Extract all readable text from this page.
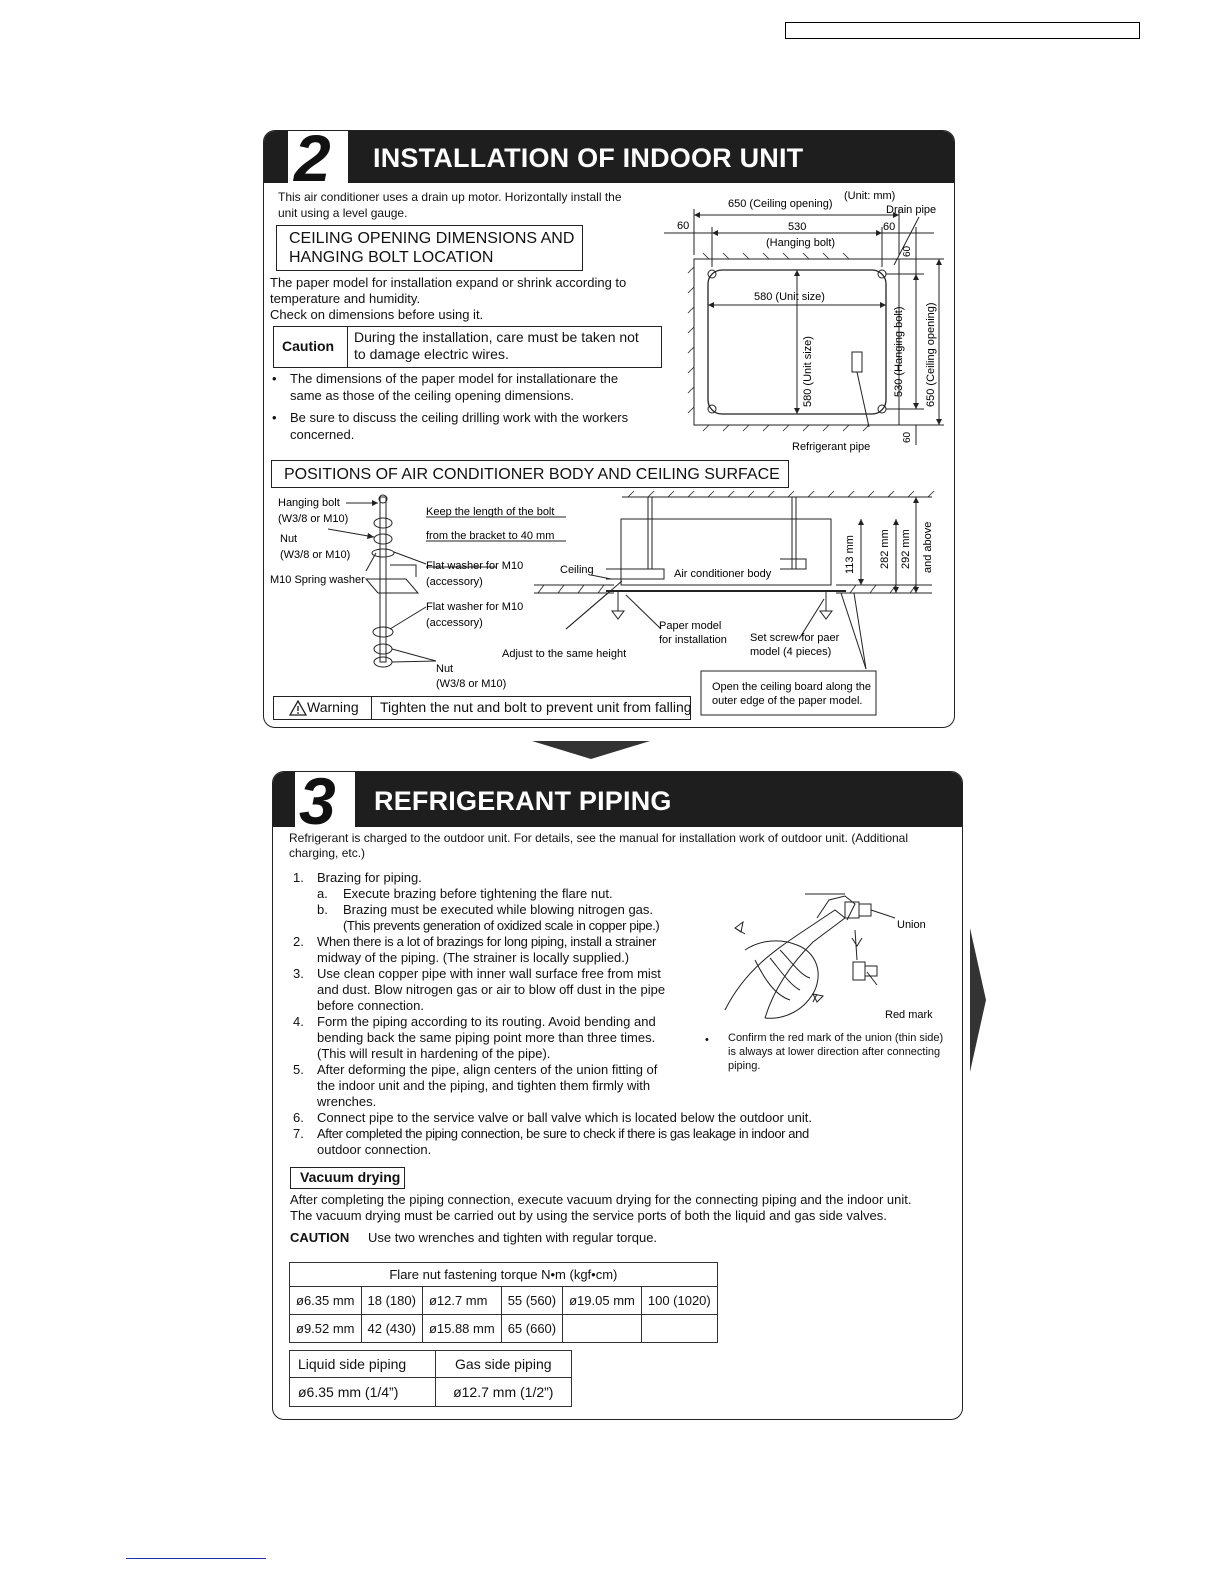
2 INSTALLATION OF INDOOR UNIT
This air conditioner uses a drain up motor. Horizontally install the
unit using a level gauge.
CEILING OPENING DIMENSIONS AND
HANGING BOLT LOCATION
The paper model for installation expand or shrink according to
temperature and humidity.
Check on dimensions before using it.
Caution
During the installation, care must be taken not
to damage electric wires.
• The dimensions of the paper model for installationare the
same as those of the ceiling opening dimensions.
• Be sure to discuss the ceiling drilling work with the workers
concerned.
(Unit: mm)
Drain pipe
650 (Ceiling opening)
60	530	60
(Hanging bolt)
580 (Unit size)
580 (Unit size)	530 (Hanging bolt) 650 (Ceiling opening)
60
60
Refrigerant pipe
POSITIONS OF AIR CONDITIONER BODY AND CEILING SURFACE
Hanging bolt
(W3/8 or M10)
Nut
(W3/8 or M10)
M10 Spring washer
Keep the length of the bolt
from the bracket to 40 mm
Flat washer for M10
(accessory)
Flat washer for M10
(accessory)
Nut
(W3/8 or M10)
Ceiling	Air conditioner body	113 mm 282 mm 292 mm and above
Adjust to the same height
Paper model
for installation Set screw for paer
model (4 pieces)
Open the ceiling board along the
outer edge of the paper model.
Warning Tighten the nut and bolt to prevent unit from falling
3 REFRIGERANT PIPING
Refrigerant is charged to the outdoor unit. For details, see the manual for installation work of outdoor unit. (Additional
charging, etc.)
1. Brazing for piping.
a. Execute brazing before tightening the flare nut.
b. Brazing must be executed while blowing nitrogen gas.
(This prevents generation of oxidized scale in copper pipe.)
2. When there is a lot of brazings for long piping, install a strainer
midway of the piping. (The strainer is locally supplied.)
3. Use clean copper pipe with inner wall surface free from mist
and dust. Blow nitrogen gas or air to blow off dust in the pipe
before connection.
4. Form the piping according to its routing. Avoid bending and
bending back the same piping point more than three times.
(This will result in hardening of the pipe).
5. After deforming the pipe, align centers of the union fitting of
the indoor unit and the piping, and tighten them firmly with
wrenches.
6. Connect pipe to the service valve or ball valve which is located below the outdoor unit.
7. After completed the piping connection, be sure to check if there is gas leakage in indoor and
outdoor connection.
Union
Red mark
• Confirm the red mark of the union (thin side)
is always at lower direction after connecting
piping.
Vacuum drying
After completing the piping connection, execute vacuum drying for the connecting piping and the indoor unit.
The vacuum drying must be carried out by using the service ports of both the liquid and gas side valves.
CAUTION Use two wrenches and tighten with regular torque.
Flare nut fastening torque N•m (kgf•cm)					
ø6.35 mm	18 (180)	ø12.7 mm	55 (560)	ø19.05 mm	100 (1020)
ø9.52 mm	42 (430)	ø15.88 mm	65 (660)		
Liquid side piping	Gas side piping
ø6.35 mm (1/4”)	ø12.7 mm (1/2”)
